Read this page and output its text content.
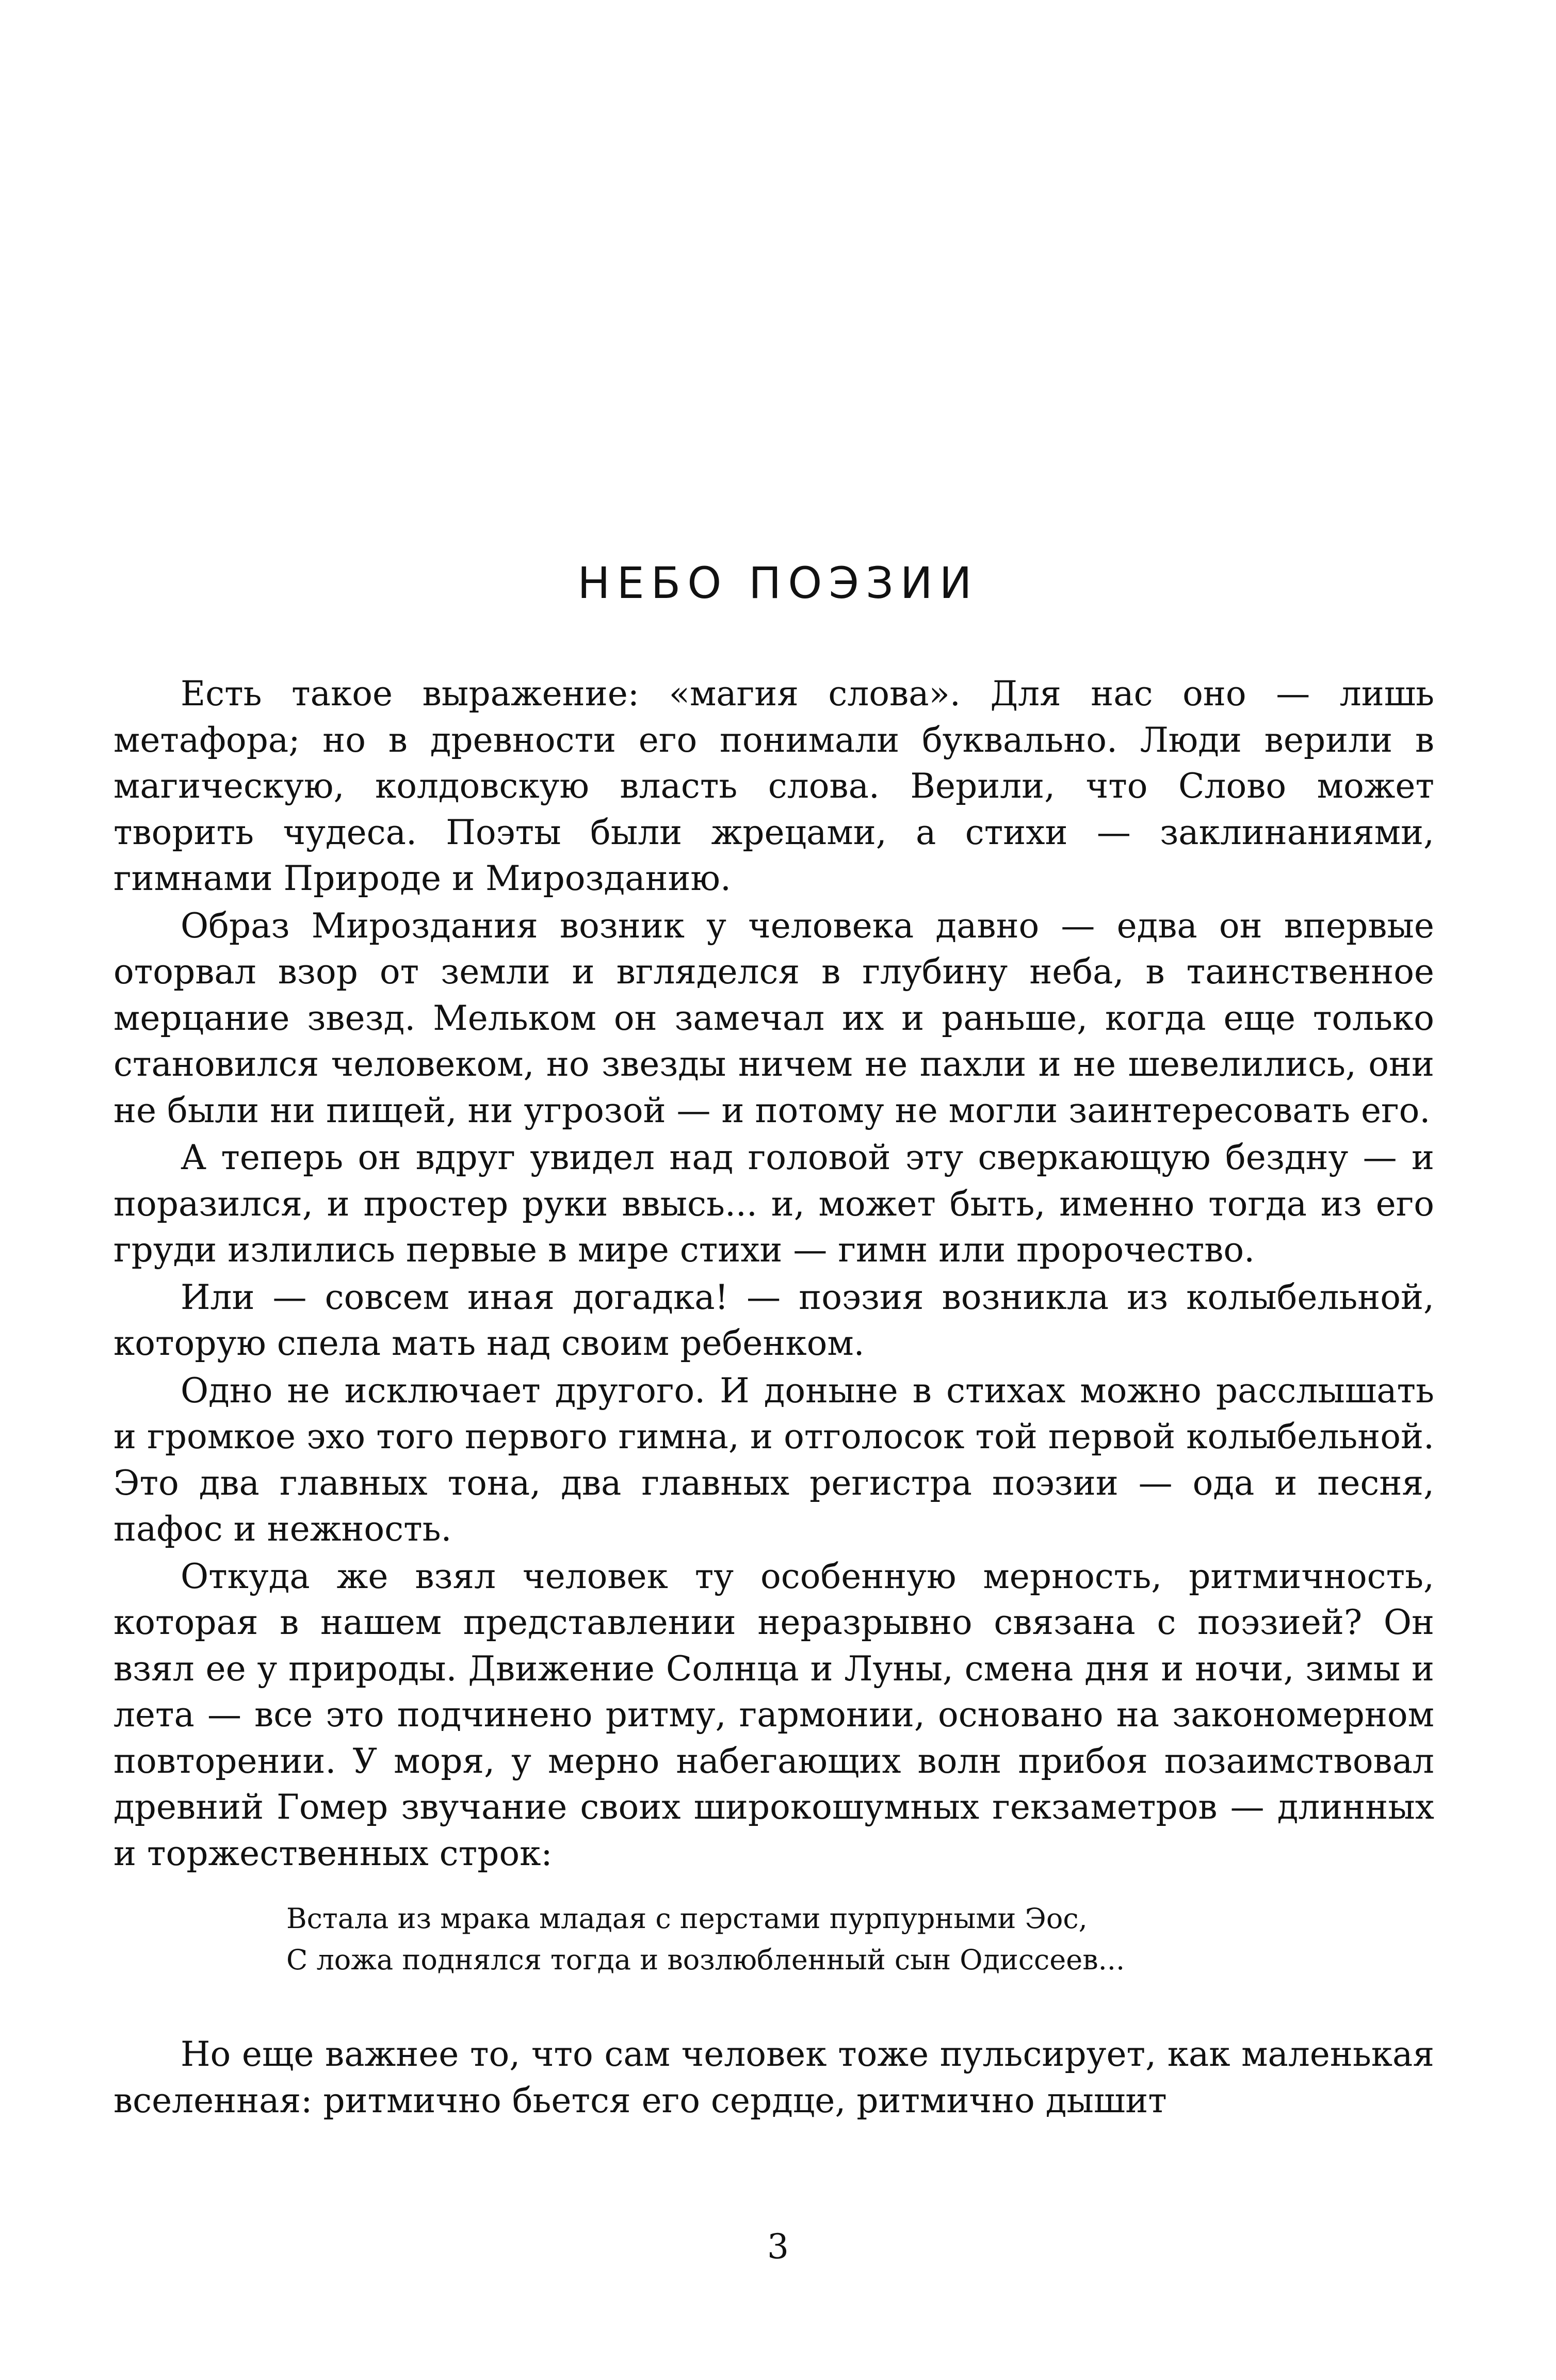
НЕБО ПОЭЗИИ

Есть такое выражение: «магия слова». Для нас оно — лишь метафора; но в древности его понимали буквально. Люди верили в магическую, колдовскую власть слова. Верили, что Слово может творить чудеса. Поэты были жрецами, а стихи — заклинаниями, гимнами Природе и Мирозданию.

Образ Мироздания возник у человека давно — едва он впервые оторвал взор от земли и вгляделся в глубину неба, в таинственное мерцание звезд. Мельком он замечал их и раньше, когда еще только становился человеком, но звезды ничем не пахли и не шевелились, они не были ни пищей, ни угрозой — и потому не могли заинтересовать его.

А теперь он вдруг увидел над головой эту сверкающую бездну — и поразился, и простер руки ввысь... и, может быть, именно тогда из его груди излились первые в мире стихи — гимн или пророчество.

Или — совсем иная догадка! — поэзия возникла из колыбельной, которую спела мать над своим ребенком.

Одно не исключает другого. И доныне в стихах можно расслышать и громкое эхо того первого гимна, и отголосок той первой колыбельной. Это два главных тона, два главных регистра поэзии — ода и песня, пафос и нежность.

Откуда же взял человек ту особенную мерность, ритмичность, которая в нашем представлении неразрывно связана с поэзией? Он взял ее у природы. Движение Солнца и Луны, смена дня и ночи, зимы и лета — все это подчинено ритму, гармонии, основано на закономерном повторении. У моря, у мерно набегающих волн прибоя позаимствовал древний Гомер звучание своих широкошумных гекзаметров — длинных и торжественных строк:

Встала из мрака младая с перстами пурпурными Эос,

С ложа поднялся тогда и возлюбленный сын Одиссеев...

Но еще важнее то, что сам человек тоже пульсирует, как маленькая вселенная: ритмично бьется его сердце, ритмично дышит

3
